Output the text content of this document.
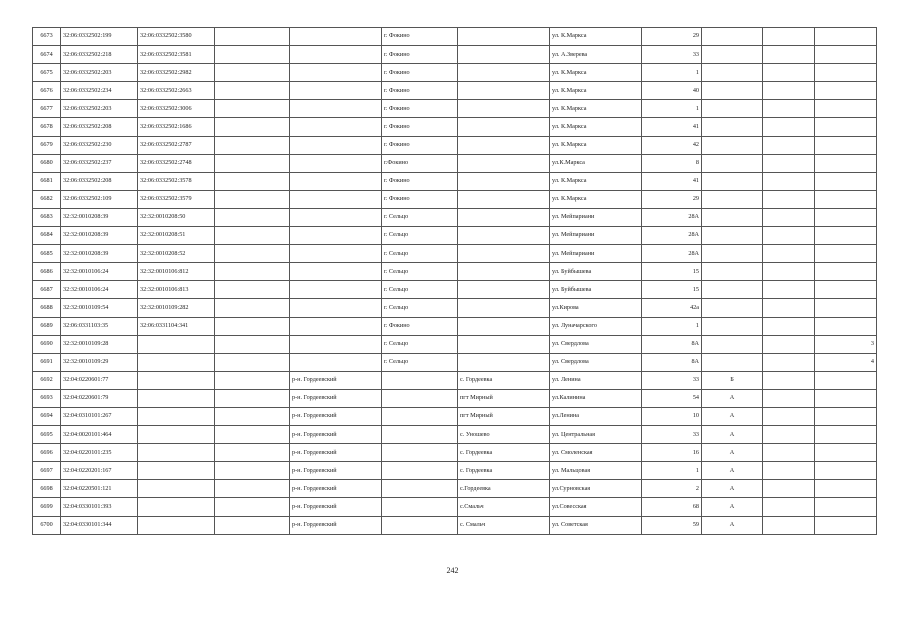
6673	32:06:0332502:199	32:06:0332502:3580			г. Фокино		ул. К.Маркса	29			
6674	32:06:0332502:218	32:06:0332502:3581			г. Фокино		ул. А.Зверева	33			
6675	32:06:0332502:203	32:06:0332502:2982			г. Фокино		ул. К.Маркса	1			
6676	32:06:0332502:234	32:06:0332502:2663			г. Фокино		ул. К.Маркса	40			
6677	32:06:0332502:203	32:06:0332502:3006			г. Фокино		ул. К.Маркса	1			
6678	32:06:0332502:208	32:06:0332502:1686			г. Фокино		ул. К.Маркса	41			
6679	32:06:0332502:230	32:06:0332502:2787			г. Фокино		ул. К.Маркса	42			
6680	32:06:0332502:237	32:06:0332502:2748			г.Фокино		ул.К.Маркса	8			
6681	32:06:0332502:208	32:06:0332502:3578			г. Фокино		ул. К.Маркса	41			
6682	32:06:0332502:109	32:06:0332502:3579			г. Фокино		ул. К.Маркса	29			
6683	32:32:0010208:39	32:32:0010208:50			г. Сельцо		ул. Мейпариани	28А			
6684	32:32:0010208:39	32:32:0010208:51			г. Сельцо		ул. Мейпариани	28А			
6685	32:32:0010208:39	32:32:0010208:52			г. Сельцо		ул. Мейпариани	28А			
6686	32:32:0010106:24	32:32:0010106:812			г. Сельцо		ул. Буйбышева	15			
6687	32:32:0010106:24	32:32:0010106:813			г. Сельцо		ул. Буйбышева	15			
6688	32:32:0010109:54	32:32:0010109:282			г. Сельцо		ул.Кирова	42а			
6689	32:06:0331103:35	32:06:0331104:341			г. Фокино		ул. Луначарского	1			
6690	32:32:0010109:28				г. Сельцо		ул. Свердлова	8А			3
6691	32:32:0010109:29				г. Сельцо		ул. Свердлова	8А			4
6692	32:04:0220601:77			р-н. Гордеевский		с. Гордеевка	ул. Ленина	33	Б		
6693	32:04:0220601:79			р-н. Гордеевский		пгт Мирный	ул.Калинина	54	А		
6694	32:04:0310101:267			р-н. Гордеевский		пгт Мирный	ул.Ленина	10	А		
6695	32:04:0020101:464			р-н. Гордеевский		с. Уношево	ул. Центральная	33	А		
6696	32:04:0220101:235			р-н. Гордеевский		с. Гордеевка	ул. Смоленская	16	А		
6697	32:04:0220201:167			р-н. Гордеевский		с. Гордеевка	ул. Мальцовая	1	А		
6698	32:04:0220501:121			р-н. Гордеевский		с.Гордеевка	ул.Сурновская	2	А		
6699	32:04:0330101:393			р-н. Гордеевский		с.Смальч	ул.Совесская	68	А		
6700	32:04:0330101:344			р-н. Гордеевский		с. Смальч	ул. Советская	59	А		
242
